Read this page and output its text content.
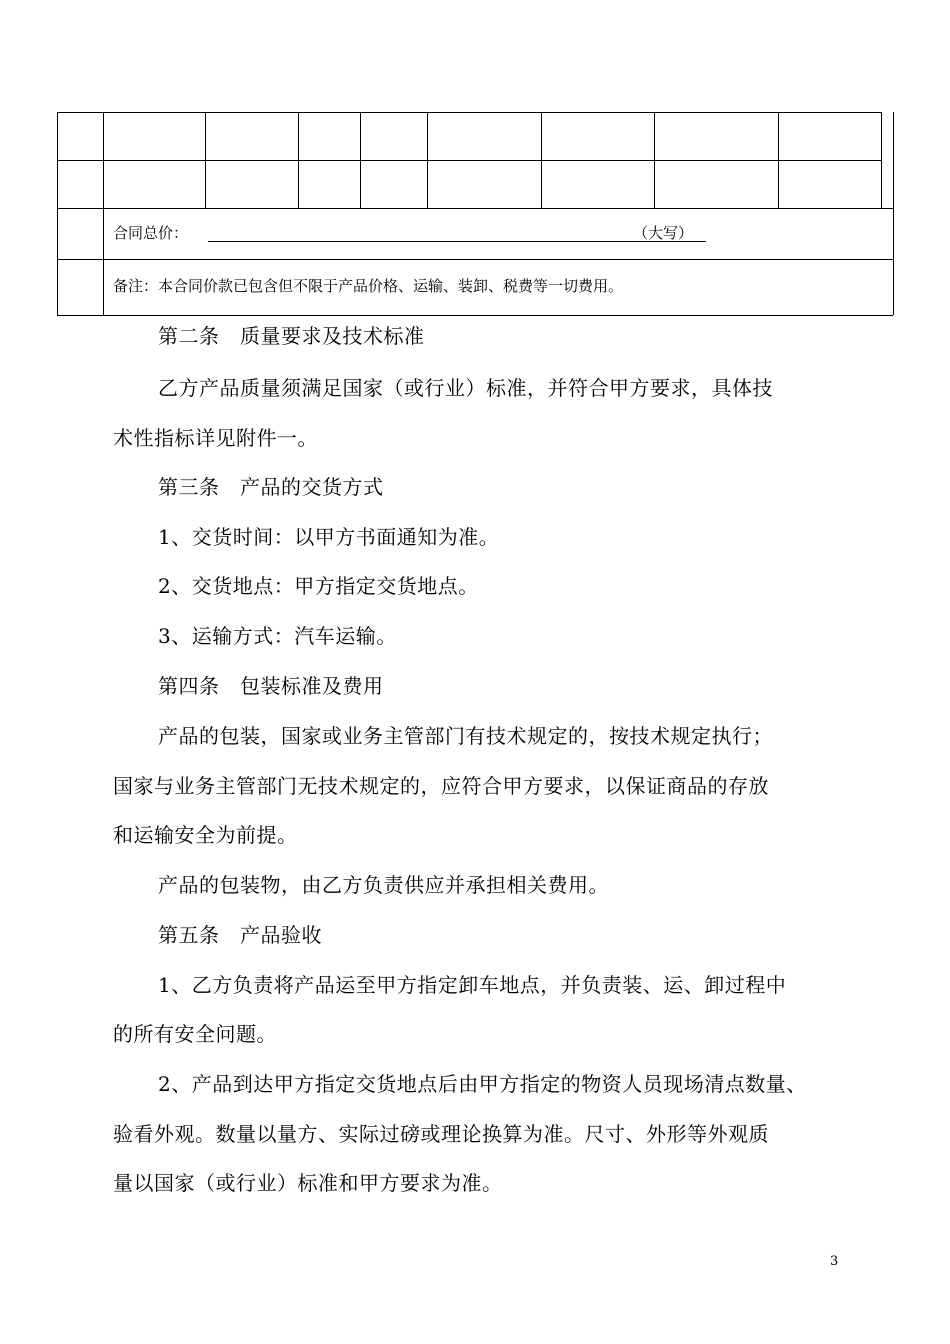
合同总价：	（大写）
备注：本合同价款已包含但不限于产品价格、运输、装卸、税费等一切费用。
第二条　质量要求及技术标准
乙方产品质量须满足国家（或行业）标准，并符合甲方要求，具体技
术性指标详见附件一。
第三条　产品的交货方式
1、交货时间：以甲方书面通知为准。
2、交货地点：甲方指定交货地点。
3、运输方式：汽车运输。
第四条　包装标准及费用
产品的包装，国家或业务主管部门有技术规定的，按技术规定执行；
国家与业务主管部门无技术规定的，应符合甲方要求，以保证商品的存放
和运输安全为前提。
产品的包装物，由乙方负责供应并承担相关费用。
第五条　产品验收
1、乙方负责将产品运至甲方指定卸车地点，并负责装、运、卸过程中
的所有安全问题。
2、产品到达甲方指定交货地点后由甲方指定的物资人员现场清点数量、
验看外观。数量以量方、实际过磅或理论换算为准。尺寸、外形等外观质
量以国家（或行业）标准和甲方要求为准。
3
